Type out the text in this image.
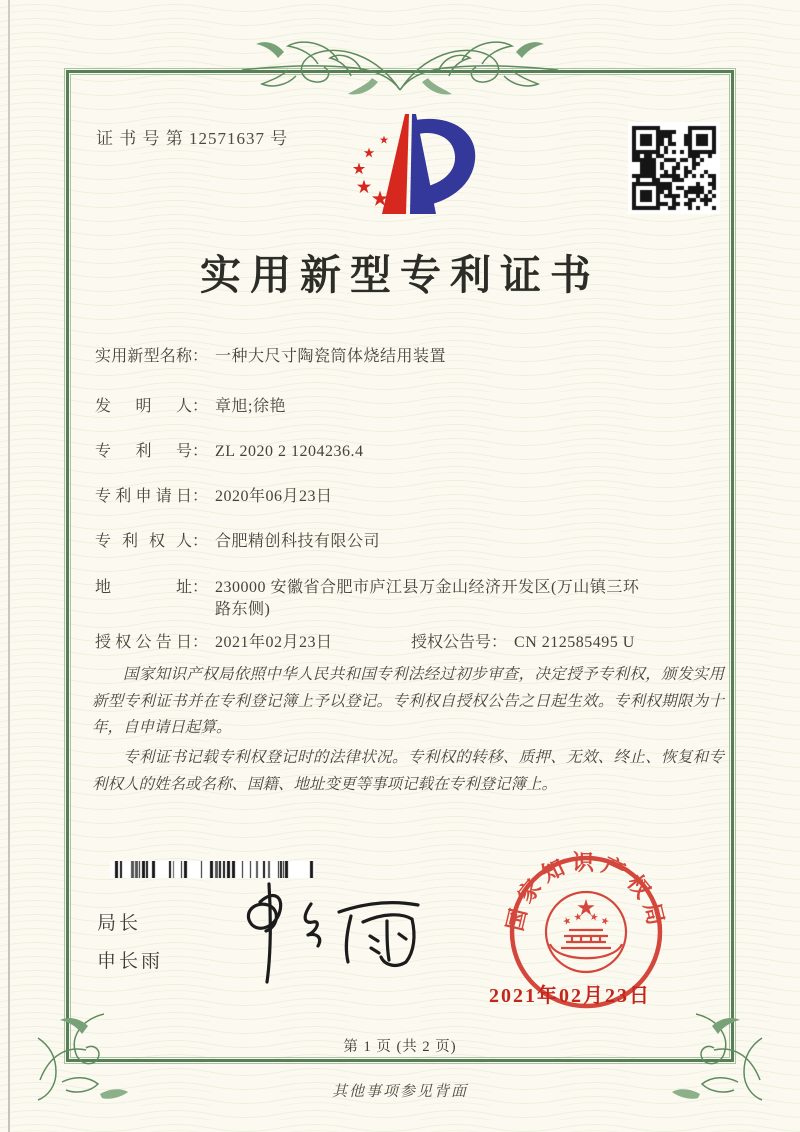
证 书 号 第 12571637 号
实用新型专利证书
实用新型名称： 一种大尺寸陶瓷筒体烧结用装置
发明人： 章旭;徐艳
专利号： ZL 2020 2 1204236.4
专利申请日： 2020年06月23日
专利权人： 合肥精创科技有限公司
地址： 230000 安徽省合肥市庐江县万金山经济开发区(万山镇三环路东侧)
授权公告日： 2021年02月23日	授权公告号： CN 212585495 U

国家知识产权局依照中华人民共和国专利法经过初步审查，决定授予专利权，颁发实用新型专利证书并在专利登记簿上予以登记。专利权自授权公告之日起生效。专利权期限为十年，自申请日起算。

专利证书记载专利权登记时的法律状况。专利权的转移、质押、无效、终止、恢复和专利权人的姓名或名称、国籍、地址变更等事项记载在专利登记簿上。

局长
申长雨
国家知识产权局
2021年02月23日
第 1 页 (共 2 页)
其他事项参见背面
